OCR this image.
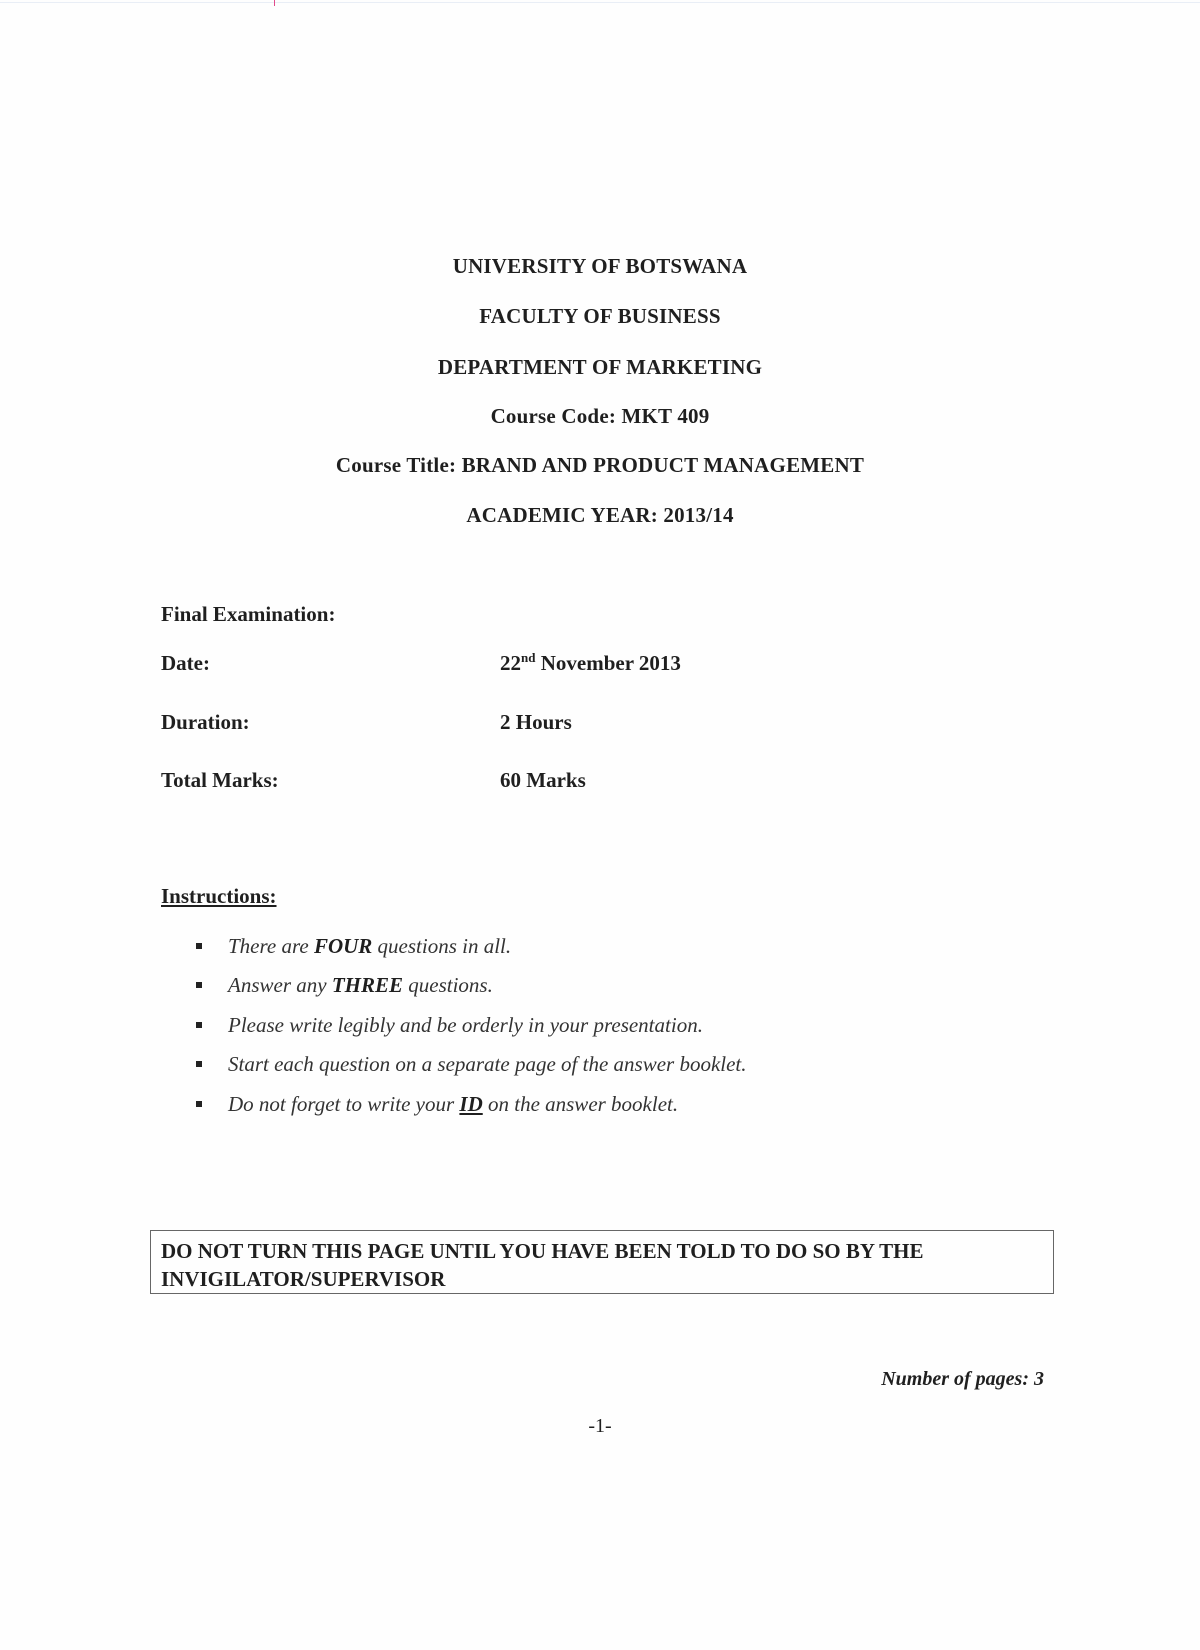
UNIVERSITY OF BOTSWANA
FACULTY OF BUSINESS
DEPARTMENT OF MARKETING
Course Code: MKT 409
Course Title: BRAND AND PRODUCT MANAGEMENT
ACADEMIC YEAR: 2013/14
Final Examination:
Date:	22nd November 2013
Duration:	2 Hours
Total Marks:	60 Marks
Instructions:
There are FOUR questions in all.
Answer any THREE questions.
Please write legibly and be orderly in your presentation.
Start each question on a separate page of the answer booklet.
Do not forget to write your ID on the answer booklet.
DO NOT TURN THIS PAGE UNTIL YOU HAVE BEEN TOLD TO DO SO BY THE INVIGILATOR/SUPERVISOR
Number of pages: 3
-1-
